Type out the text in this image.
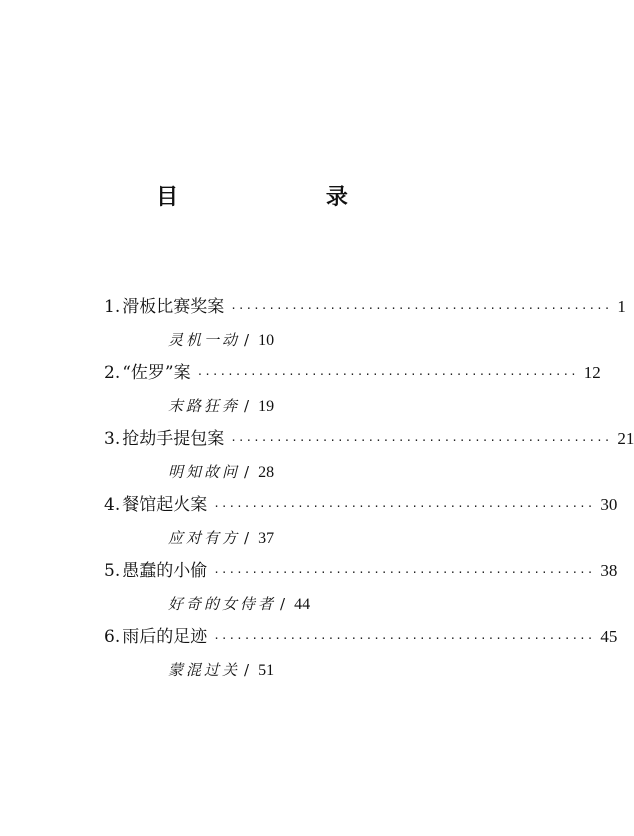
目 录
1. 滑板比赛奖案 ·················································· 1
灵机一动 / 10
2. “佐罗”案 ·················································· 12
末路狂奔 / 19
3. 抢劫手提包案 ·················································· 21
明知故问 / 28
4. 餐馆起火案 ·················································· 30
应对有方 / 37
5. 愚蠢的小偷 ·················································· 38
好奇的女侍者 / 44
6. 雨后的足迹 ·················································· 45
蒙混过关 / 51
